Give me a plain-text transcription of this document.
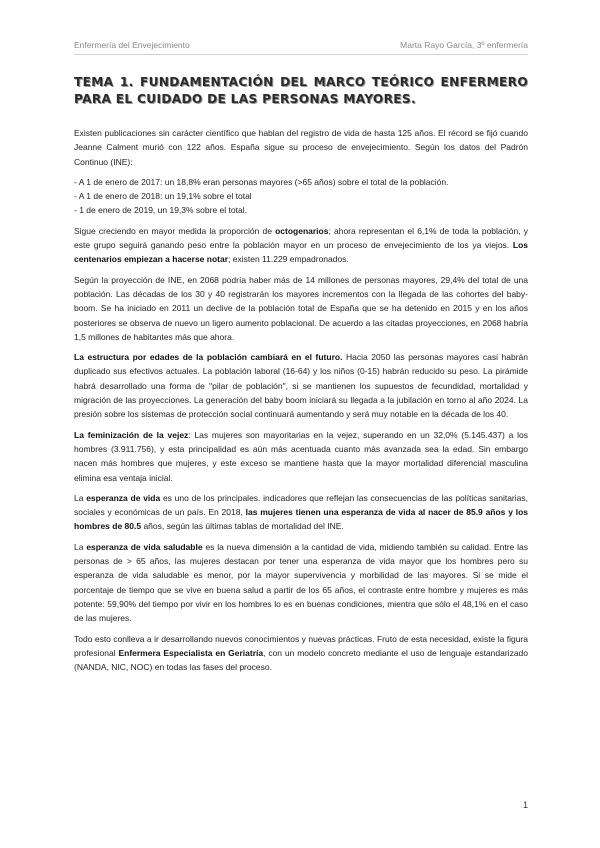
Enfermería del Envejecimiento	Marta Rayo García, 3º enfermería
TEMA 1. FUNDAMENTACIÓN DEL MARCO TEÓRICO ENFERMERO PARA EL CUIDADO DE LAS PERSONAS MAYORES.

Existen publicaciones sin carácter científico que hablan del registro de vida de hasta 125 años. El récord se fijó cuando Jeanne Calment murió con 122 años. España sigue su proceso de envejecimiento. Según los datos del Padrón Continuo (INE):

- A 1 de enero de 2017: un 18,8% eran personas mayores (>65 años) sobre el total de la población.
- A 1 de enero de 2018: un 19,1% sobre el total
- 1 de enero de 2019, un 19,3% sobre el total.

Sigue creciendo en mayor medida la proporción de octogenarios; ahora representan el 6,1% de toda la población, y este grupo seguirá ganando peso entre la población mayor en un proceso de envejecimiento de los ya viejos. Los centenarios empiezan a hacerse notar; existen 11.229 empadronados.

Según la proyección de INE, en 2068 podría haber más de 14 millones de personas mayores, 29,4% del total de una población. Las décadas de los 30 y 40 registrarán los mayores incrementos con la llegada de las cohortes del baby-boom. Se ha iniciado en 2011 un declive de la población total de España que se ha detenido en 2015 y en los años posteriores se observa de nuevo un ligero aumento poblacional. De acuerdo a las citadas proyecciones, en 2068 habría 1,5 millones de habitantes más que ahora.

La estructura por edades de la población cambiará en el futuro. Hacia 2050 las personas mayores casi habrán duplicado sus efectivos actuales. La población laboral (16-64) y los niños (0-15) habrán reducido su peso. La pirámide habrá desarrollado una forma de "pilar de población", si se mantienen los supuestos de fecundidad, mortalidad y migración de las proyecciones. La generación del baby boom iniciará su llegada a la jubilación en torno al año 2024. La presión sobre los sistemas de protección social continuará aumentando y será muy notable en la década de los 40.

La feminización de la vejez: Las mujeres son mayoritarias en la vejez, superando en un 32,0% (5.145.437) a los hombres (3.911.756), y esta principalidad es aún más acentuada cuanto más avanzada sea la edad. Sin embargo nacen más hombres que mujeres, y este exceso se mantiene hasta que la mayor mortalidad diferencial masculina elimina esa ventaja inicial.

La esperanza de vida es uno de los principales. indicadores que reflejan las consecuencias de las políticas sanitarias, sociales y económicas de un país. En 2018, las mujeres tienen una esperanza de vida al nacer de 85.9 años y los hombres de 80.5 años, según las últimas tablas de mortalidad del INE.

La esperanza de vida saludable es la nueva dimensión a la cantidad de vida, midiendo también su calidad. Entre las personas de > 65 años, las mujeres destacan por tener una esperanza de vida mayor que los hombres pero su esperanza de vida saludable es menor, por la mayor supervivencia y morbilidad de las mayores. Si se mide el porcentaje de tiempo que se vive en buena salud a partir de los 65 años, el contraste entre hombre y mujeres es más potente: 59,90% del tiempo por vivir en los hombres lo es en buenas condiciones, mientra que sólo el 48,1% en el caso de las mujeres.

Todo esto conlleva a ir desarrollando nuevos conocimientos y nuevas prácticas. Fruto de esta necesidad, existe la figura profesional Enfermera Especialista en Geriatría, con un modelo concreto mediante el uso de lenguaje estandarizado (NANDA, NIC, NOC) en todas las fases del proceso.

1
